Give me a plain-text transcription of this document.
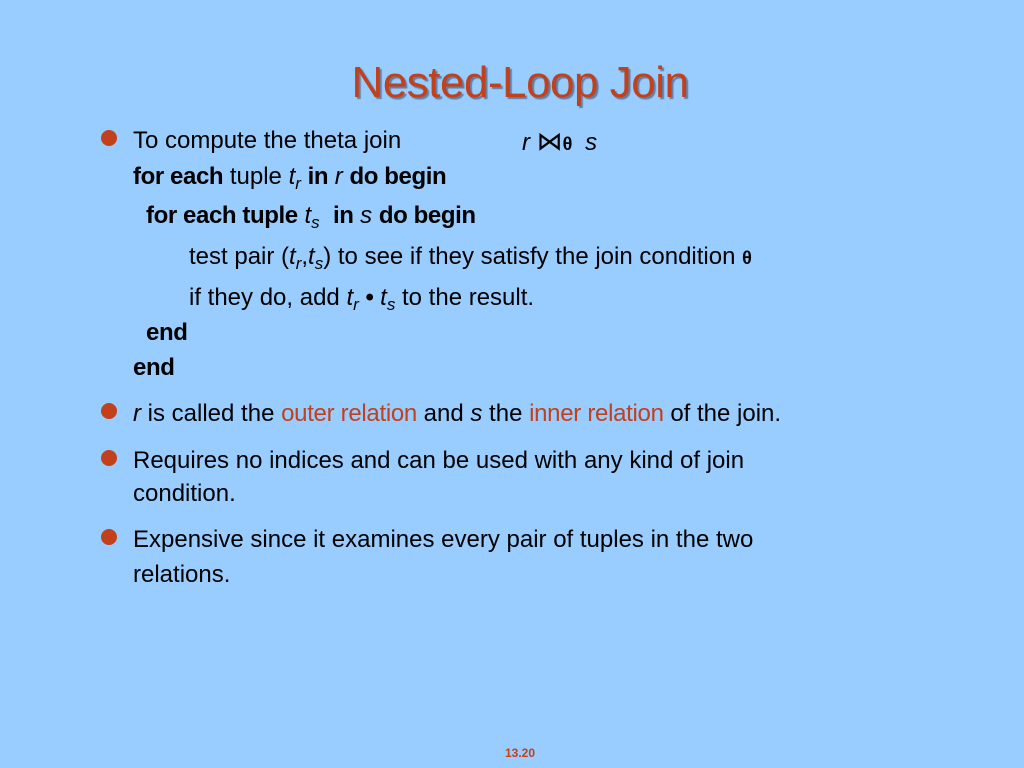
Nested-Loop Join
To compute the theta join	r ⋈θ s
for each tuple $t_r$ in r do begin
for each tuple $t_s$ in s do begin
test pair $(t_r,t_s)$ to see if they satisfy the join condition θ
if they do, add $t_r$ • $t_s$ to the result.
end
end
r is called the outer relation and s the inner relation of the join.
Requires no indices and can be used with any kind of join
condition.
Expensive since it examines every pair of tuples in the two
relations.
13.20
